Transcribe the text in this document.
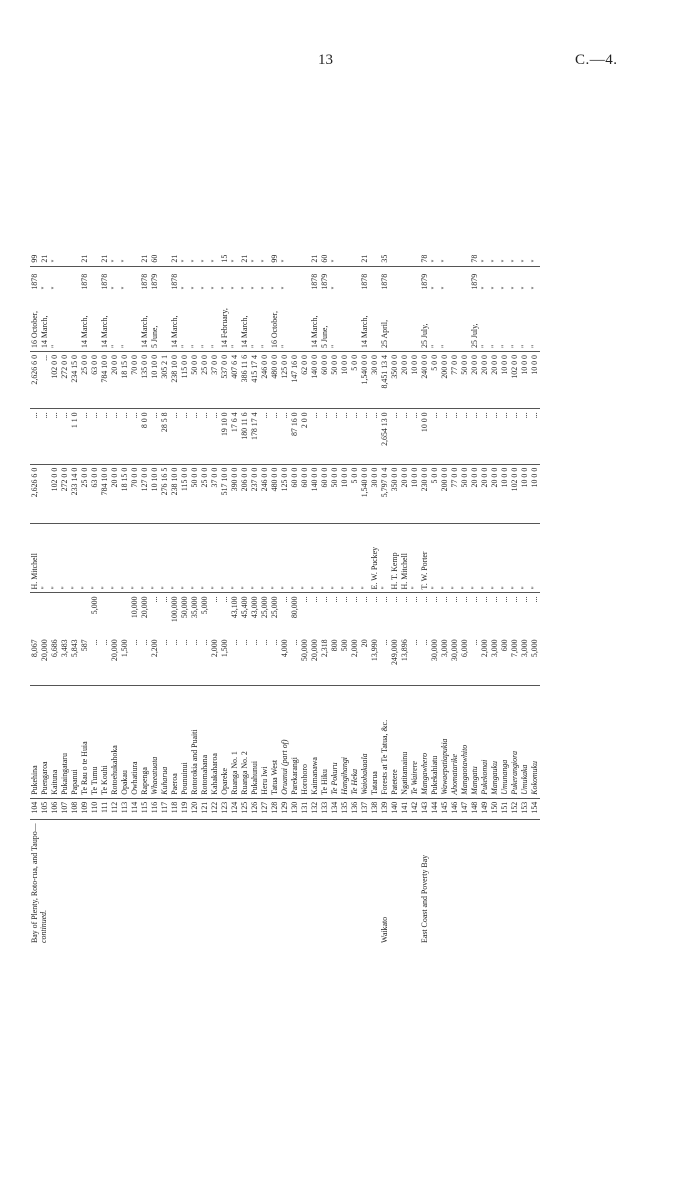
13	C.—4.
Bay of Plenty, Roto-rua, and Taupo—
continued.	104	Pukehina	8,067		H. Mitchell	2,626 6 0	...	2,626 6 0	16 October,	1878	99
	105	Puengaroa	20,000		"		...	...	14 March,	"	21
	106	Kaituna	6,686		"	102 0 0	...	102 0 0	"	"	"
	107	Pukaingataru	3,483		"	272 0 0	...	272 0 0			
	108	Papanui	5,843		"	233 14 0	1 1 0	234 15 0			
	109	Te Rau o te Huia	587		"	25 0 0	...	25 0 0	14 March,	1878	21
	110	Te Tumu	...	5,000	"	63 0 0	...	63 0 0			
	111	Te Kouhi	...		"	784 10 0	...	784 10 0	14 March,	1878	21
	112	Rotoehukahoka	20,000		"	20 0 0	...	20 0 0	"	"	"
	113	Opakau	1,500		"	18 15 0	...	18 15 0	"	"	"
	114	Owhatiura	...	10,000	"	70 0 0	...	70 0 0			
	115	Rapenga	...	20,000	"	127 0 0	8 0 0	135 0 0	14 March,	1878	21
	116	Whaeatuata	2,200	...	"	10 10 0	...	10 10 0	5 June,	1879	60
	117	Kuharua	...	...	"	276 16 5	28 5 8	305 2 1			
	118	Paeroa	...	100,000	"	238 10 0	...	238 10 0	14 March,	1878	21
	119	Pounuinui	...	50,000	"	115 0 0	...	115 0 0	"	"	"
	120	Rotorokia and Puaiti	...	35,000	"	50 0 0	...	50 0 0	"	"	"
	121	Rotomahana	...	5,000	"	25 0 0	...	25 0 0	"	"	"
	122	Kahakaharoa	2,000	...	"	37 0 0	...	37 0 0	"	"	"
	123	Opareke	1,500	...	"	517 10 0	19 10 0	537 0 0	14 February,	"	15
	124	Ruanga No. 1	...	43,100	"	390 0 0	17 6 4	407 6 4	"	"	"
	125	Ruanga No. 2	...	45,400	"	206 0 0	180 11 6	386 11 6	14 March,	"	21
	126	Pukahunui	...	43,000	"	237 0 0	178 17 4	415 17 4	"	"	"
	127	Heru Iwi	...	25,000	"	246 0 0	...	246 0 0	"	"	"
	128	Tatua West	...	25,000	"	480 0 0	...	480 0 0	16 October,	"	99
	129	Oruanui (part of)	4,000	...	"	125 0 0	...	125 0 0	"	"	"
	130	Parekarangi	...	80,000	"	60 0 0	87 16 0	147 16 0			
	131	Horohoro	50,000	...	"	60 0 0	2 0 0	62 0 0			
	132	Kaimanawa	20,000	...	"	140 0 0	...	140 0 0	14 March,	1878	21
	133	Te Hiku	2,318	...	"	60 0 0	...	60 0 0	5 June,	1879	60
	134	Te Pokuru	800	...	"	50 0 0	...	50 0 0	"	"	"
	135	Hangihangi	500	...	"	10 0 0	...	10 0 0			
	136	Te Heka	2,000	...	"	5 0 0	...	5 0 0			
	137	Waiohakaala	20	...	"	1,540 0 0	...	1,540 0 0	14 March,	1878	21
	138	Tatarua	13,990	...	E. W. Puckey	30 0 0	...	30 0 0			
Waikato	139	Forests at Te Tatua, &c.	...	...	"	5,797 0 4	2,654 13 0	8,451 13 4	25 April,	1878	35
	140	Patetere	249,000	...	H. T. Kemp	350 0 0	...	350 0 0			
	141	Ngatitamainu	13,896	...	H. Mitchell	20 0 0	...	20 0 0			
	142	Te Wairere	...	...	"	10 0 0	...	10 0 0			
East Coast and Poverty Bay	143	Mangawhero	...	...	T. W. Porter	230 0 0	10 0 0	240 0 0	25 July,	1879	78
	144	Pukekahiatu	30,000	...	"	5 0 0	...	5 0 0	"	"	"
	145	Wawaepatiapukia	3,000	...	"	200 0 0	...	200 0 0	"	"	"
	146	Ahomatarike	30,000	...	"	77 0 0	...	77 0 0			
	147	Mangaotawhito	6,000	...	"	50 0 0	...	50 0 0			
	148	Mangatu	...	...	"	20 0 0	...	20 0 0	25 July,	1879	78
	149	Pukekomai	2,000	...	"	20 0 0	...	20 0 0	"	"	"
	150	Mangauku	3,000	...	"	20 0 0	...	20 0 0	"	"	"
	151	Umunanga	600	...	"	10 0 0	...	10 0 0	"	"	"
	152	Pukerangiora	7,000	...	"	102 0 0	...	102 0 0	"	"	"
	153	Umukaka	3,000	...	"	10 0 0	...	10 0 0	"	"	"
	154	Kokomuku	5,000	...	"	10 0 0	...	10 0 0	"	"	"
